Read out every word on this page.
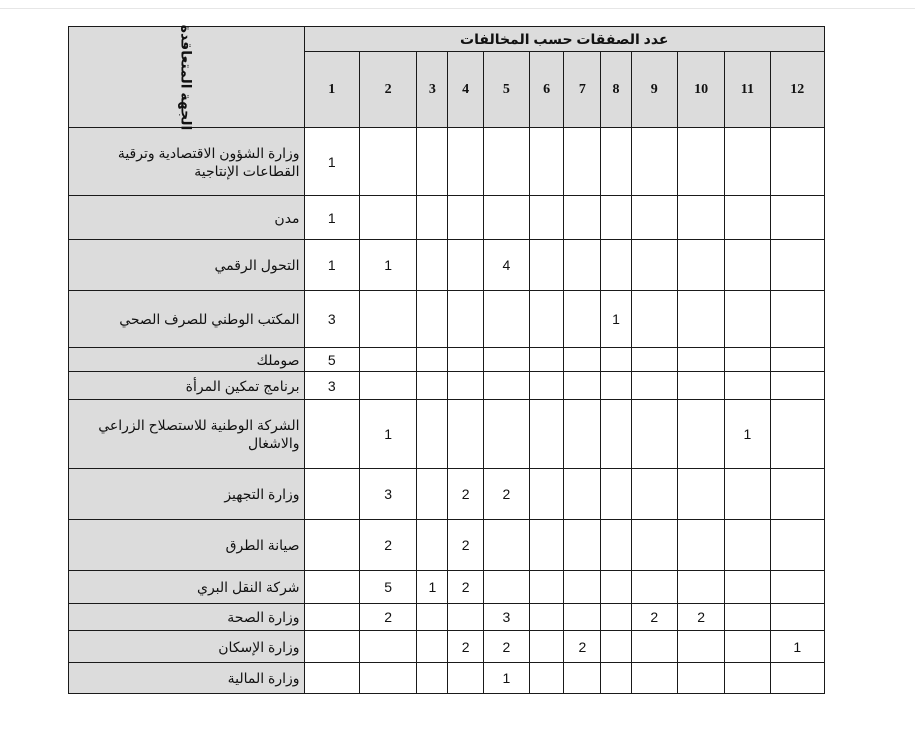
الجهة المتعاقدة	عدد الصفقات حسب المخالفات											
	1	2	3	4	5	6	7	8	9	10	11	12
وزارة الشؤون الاقتصادية وترقية القطاعات الإنتاجية	1											
مدن	1											
التحول الرقمي	1	1			4							
المكتب الوطني للصرف الصحي	3							1				
صوملك	5											
برنامج تمكين المرأة	3											
الشركة الوطنية للاستصلاح الزراعي والاشغال		1									1	
وزارة التجهيز		3		2	2							
صيانة الطرق		2		2								
شركة النقل البري		5	1	2								
وزارة الصحة		2			3				2	2		
وزارة الإسكان				2	2		2					1
وزارة المالية					1							
